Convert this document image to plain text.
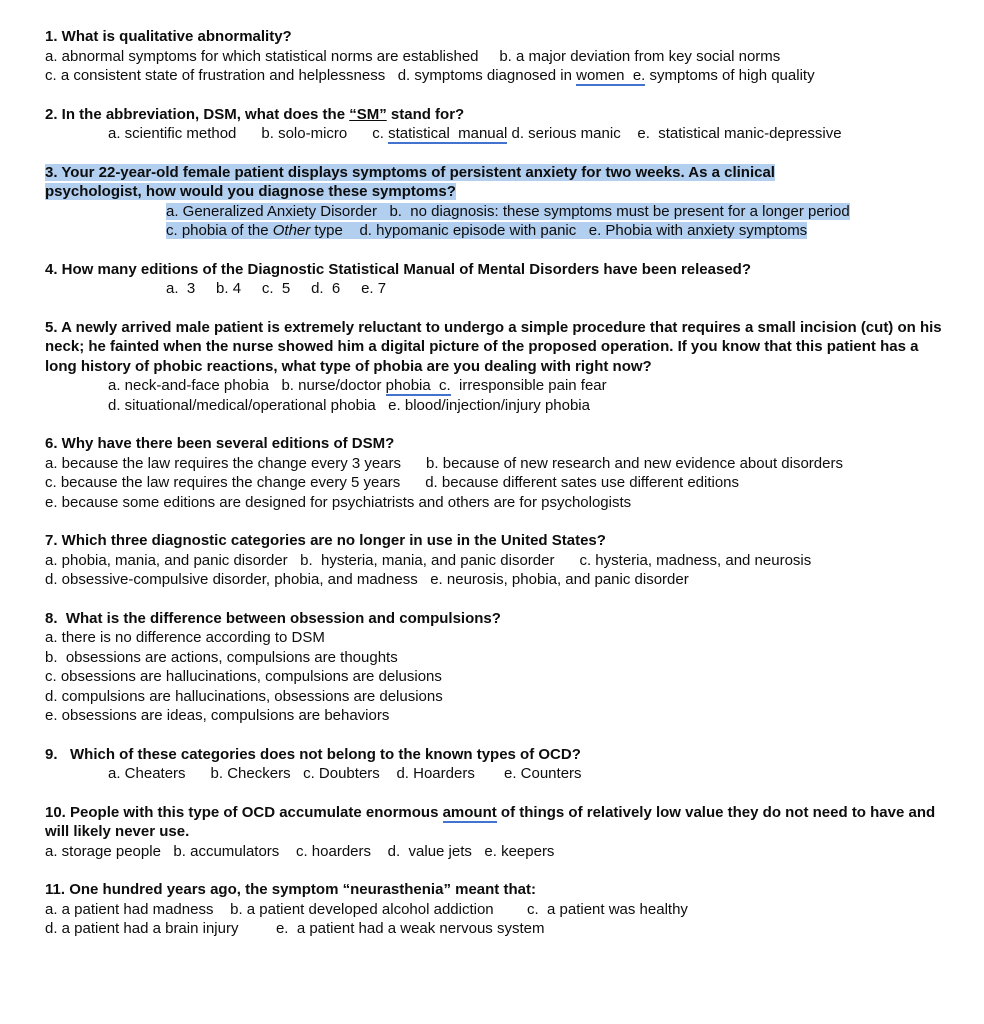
1. What is qualitative abnormality?
a. abnormal symptoms for which statistical norms are established     b. a major deviation from key social norms
c. a consistent state of frustration and helplessness   d. symptoms diagnosed in women  e. symptoms of high quality
2. In the abbreviation, DSM, what does the “SM” stand for?
a. scientific method      b. solo-micro      c. statistical  manual d. serious manic    e.  statistical manic-depressive
3. Your 22-year-old female patient displays symptoms of persistent anxiety for two weeks. As a clinical
psychologist, how would you diagnose these symptoms?
a. Generalized Anxiety Disorder   b.  no diagnosis: these symptoms must be present for a longer period
c. phobia of the Other type    d. hypomanic episode with panic   e. Phobia with anxiety symptoms
4. How many editions of the Diagnostic Statistical Manual of Mental Disorders have been released?
a.  3     b. 4     c.  5     d.  6     e. 7
5. A newly arrived male patient is extremely reluctant to undergo a simple procedure that requires a small incision (cut) on his neck; he fainted when the nurse showed him a digital picture of the proposed operation. If you know that this patient has a long history of phobic reactions, what type of phobia are you dealing with right now?
a. neck-and-face phobia   b. nurse/doctor phobia  c.  irresponsible pain fear
d. situational/medical/operational phobia   e. blood/injection/injury phobia
6. Why have there been several editions of DSM?
a. because the law requires the change every 3 years      b. because of new research and new evidence about disorders
c. because the law requires the change every 5 years      d. because different sates use different editions
e. because some editions are designed for psychiatrists and others are for psychologists
7. Which three diagnostic categories are no longer in use in the United States?
a. phobia, mania, and panic disorder   b.  hysteria, mania, and panic disorder      c. hysteria, madness, and neurosis
d. obsessive-compulsive disorder, phobia, and madness   e. neurosis, phobia, and panic disorder
8.  What is the difference between obsession and compulsions?
a. there is no difference according to DSM
b.  obsessions are actions, compulsions are thoughts
c. obsessions are hallucinations, compulsions are delusions
d. compulsions are hallucinations, obsessions are delusions
e. obsessions are ideas, compulsions are behaviors
9.   Which of these categories does not belong to the known types of OCD?
a. Cheaters      b. Checkers   c. Doubters    d. Hoarders       e. Counters
10. People with this type of OCD accumulate enormous amount of things of relatively low value they do not need to have and will likely never use.
a. storage people   b. accumulators    c. hoarders    d.  value jets   e. keepers
11. One hundred years ago, the symptom “neurasthenia” meant that:
a. a patient had madness    b. a patient developed alcohol addiction        c.  a patient was healthy
d. a patient had a brain injury         e.  a patient had a weak nervous system
